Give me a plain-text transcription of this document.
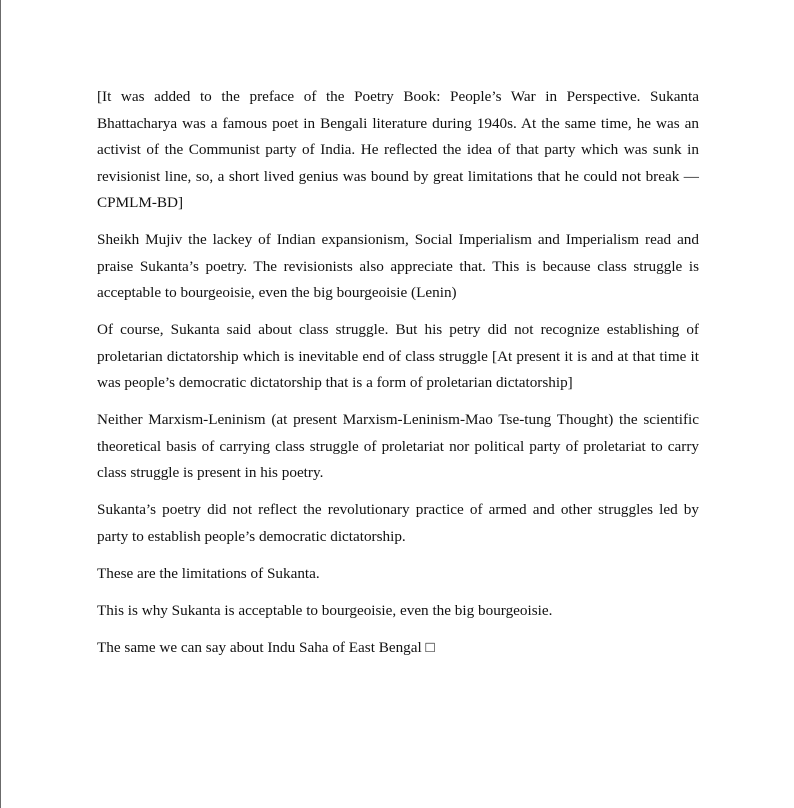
[It was added to the preface of the Poetry Book: People’s War in Perspective. Sukanta Bhattacharya was a famous poet in Bengali literature during 1940s. At the same time, he was an activist of the Communist party of India. He reflected the idea of that party which was sunk in revisionist line, so, a short lived genius was bound by great limitations that he could not break — CPMLM-BD]

Sheikh Mujiv the lackey of Indian expansionism, Social Imperialism and Imperialism read and praise Sukanta’s poetry. The revisionists also appreciate that. This is because class struggle is acceptable to bourgeoisie, even the big bourgeoisie (Lenin)

Of course, Sukanta said about class struggle. But his petry did not recognize establishing of proletarian dictatorship which is inevitable end of class struggle [At present it is and at that time it was people’s democratic dictatorship that is a form of proletarian dictatorship]

Neither Marxism-Leninism (at present Marxism-Leninism-Mao Tse-tung Thought) the scientific theoretical basis of carrying class struggle of proletariat nor political party of proletariat to carry class struggle is present in his poetry.

Sukanta’s poetry did not reflect the revolutionary practice of armed and other struggles led by party to establish people’s democratic dictatorship.

These are the limitations of Sukanta.

This is why Sukanta is acceptable to bourgeoisie, even the big bourgeoisie.

The same we can say about Indu Saha of East Bengal □
